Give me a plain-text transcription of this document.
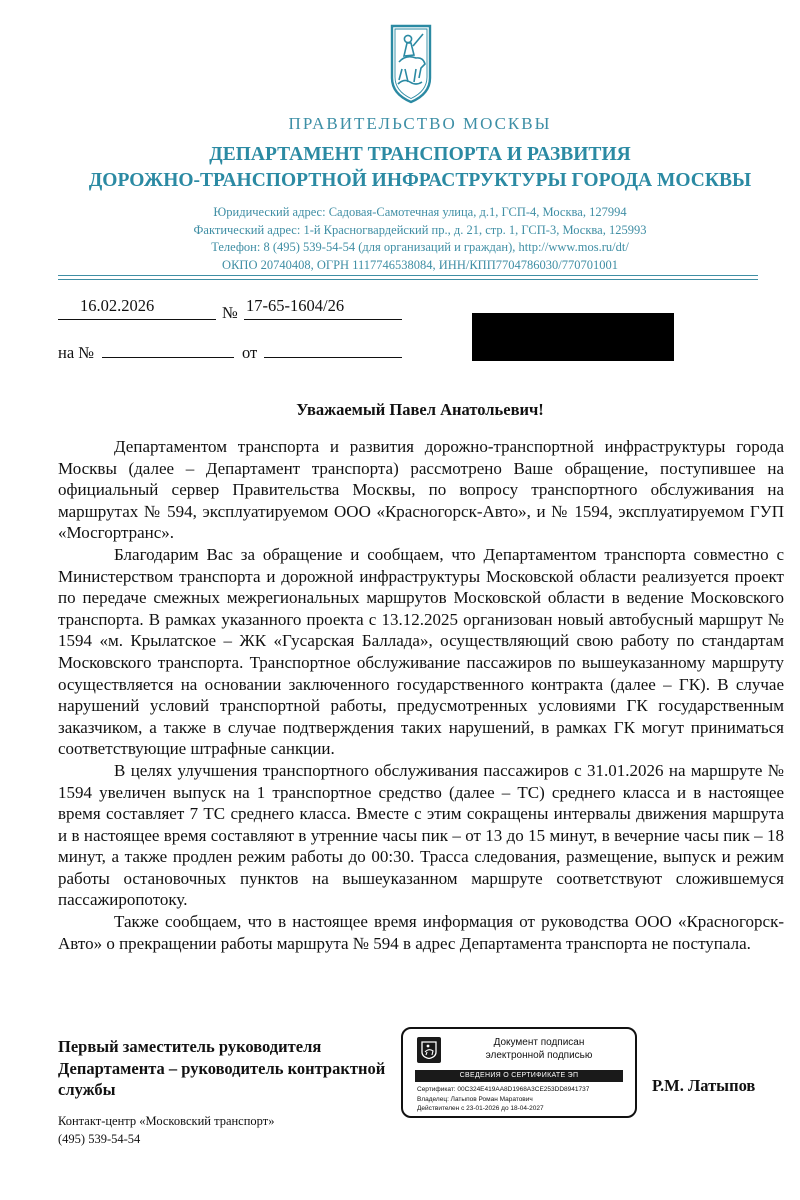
ПРАВИТЕЛЬСТВО МОСКВЫ
ДЕПАРТАМЕНТ ТРАНСПОРТА И РАЗВИТИЯ
ДОРОЖНО-ТРАНСПОРТНОЙ ИНФРАСТРУКТУРЫ ГОРОДА МОСКВЫ
Юридический адрес: Садовая-Самотечная улица, д.1, ГСП-4, Москва, 127994
Фактический адрес: 1-й Красногвардейский пр., д. 21, стр. 1, ГСП-3, Москва, 125993
Телефон: 8 (495) 539-54-54 (для организаций и граждан), http://www.mos.ru/dt/
ОКПО 20740408, ОГРН 1117746538084, ИНН/КПП7704786030/770701001
16.02.2026	№ 17-65-1604/26
на №	от
Уважаемый Павел Анатольевич!

Департаментом транспорта и развития дорожно-транспортной инфраструктуры города Москвы (далее – Департамент транспорта) рассмотрено Ваше обращение, поступившее на официальный сервер Правительства Москвы, по вопросу транспортного обслуживания на маршрутах № 594, эксплуатируемом ООО «Красногорск-Авто», и № 1594, эксплуатируемом ГУП «Мосгортранс».

Благодарим Вас за обращение и сообщаем, что Департаментом транспорта совместно с Министерством транспорта и дорожной инфраструктуры Московской области реализуется проект по передаче смежных межрегиональных маршрутов Московской области в ведение Московского транспорта. В рамках указанного проекта с 13.12.2025 организован новый автобусный маршрут № 1594 «м. Крылатское – ЖК «Гусарская Баллада», осуществляющий свою работу по стандартам Московского транспорта. Транспортное обслуживание пассажиров по вышеуказанному маршруту осуществляется на основании заключенного государственного контракта (далее – ГК). В случае нарушений условий транспортной работы, предусмотренных условиями ГК государственным заказчиком, а также в случае подтверждения таких нарушений, в рамках ГК могут приниматься соответствующие штрафные санкции.

В целях улучшения транспортного обслуживания пассажиров с 31.01.2026 на маршруте № 1594 увеличен выпуск на 1 транспортное средство (далее – ТС) среднего класса и в настоящее время составляет 7 ТС среднего класса. Вместе с этим сокращены интервалы движения маршрута и в настоящее время составляют в утренние часы пик – от 13 до 15 минут, в вечерние часы пик – 18 минут, а также продлен режим работы до 00:30. Трасса следования, размещение, выпуск и режим работы остановочных пунктов на вышеуказанном маршруте соответствуют сложившемуся пассажиропотоку.

Также сообщаем, что в настоящее время информация от руководства ООО «Красногорск-Авто» о прекращении работы маршрута № 594 в адрес Департамента транспорта не поступала.

Первый заместитель руководителя Департамента – руководитель контрактной службы
Документ подписан
электронной подписью
СВЕДЕНИЯ О СЕРТИФИКАТЕ ЭП
Сертификат: 00C324E419AA8D1968A3CE253DD8941737
Владелец: Латыпов Роман Маратович
Действителен с 23-01-2026 до 18-04-2027
Р.М. Латыпов
Контакт-центр «Московский транспорт»
(495) 539-54-54
